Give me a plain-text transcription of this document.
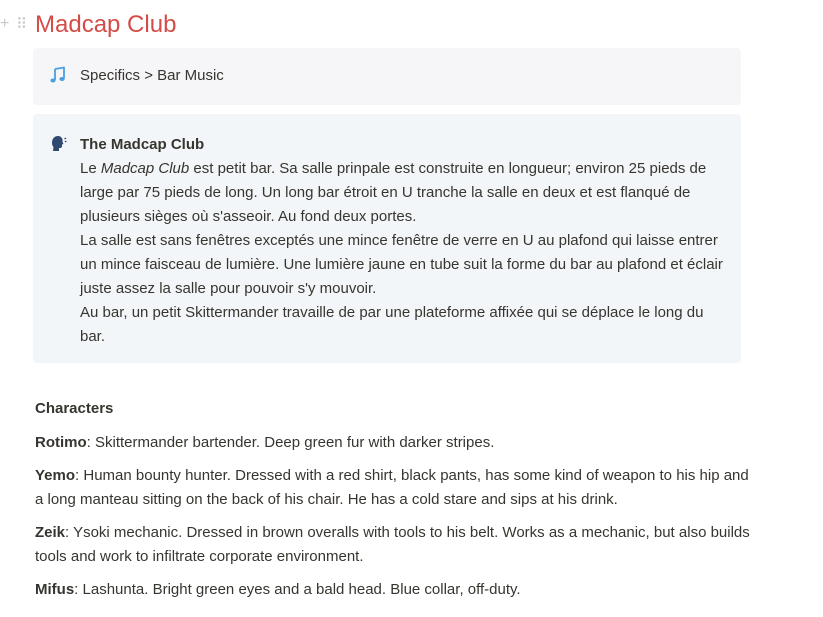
+ ⠿ Madcap Club
Specifics > Bar Music

The Madcap Club

Le Madcap Club est petit bar. Sa salle prinpale est construite en longueur; environ 25 pieds de large par 75 pieds de long. Un long bar étroit en U tranche la salle en deux et est flanqué de plusieurs sièges où s'asseoir. Au fond deux portes.

La salle est sans fenêtres exceptés une mince fenêtre de verre en U au plafond qui laisse entrer un mince faisceau de lumière. Une lumière jaune en tube suit la forme du bar au plafond et éclair juste assez la salle pour pouvoir s'y mouvoir.

Au bar, un petit Skittermander travaille de par une plateforme affixée qui se déplace le long du bar.

Characters

Rotimo: Skittermander bartender. Deep green fur with darker stripes.

Yemo: Human bounty hunter. Dressed with a red shirt, black pants, has some kind of weapon to his hip and a long manteau sitting on the back of his chair. He has a cold stare and sips at his drink.

Zeik: Ysoki mechanic. Dressed in brown overalls with tools to his belt. Works as a mechanic, but also builds tools and work to infiltrate corporate environment.

Mifus: Lashunta. Bright green eyes and a bald head. Blue collar, off-duty.
